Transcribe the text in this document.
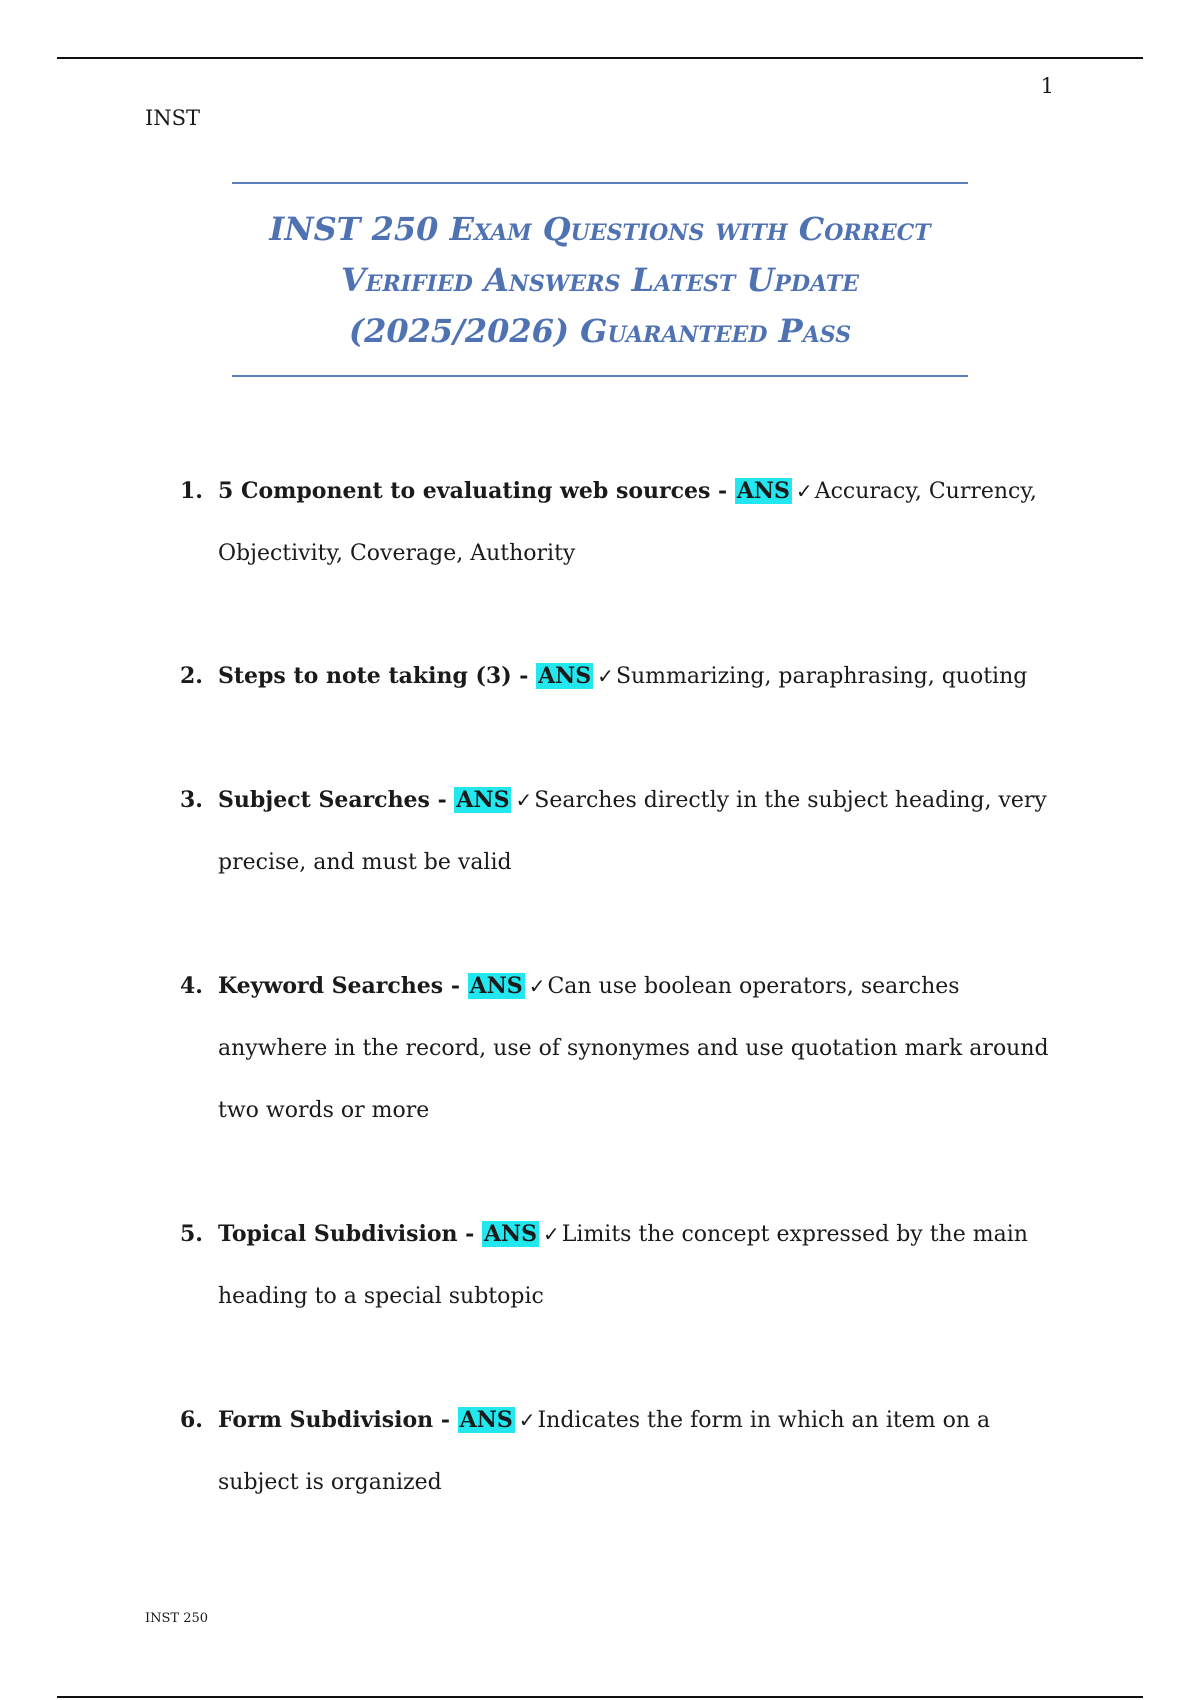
1
INST
INST 250 Exam Questions with Correct
Verified Answers Latest Update
(2025/2026) Guaranteed Pass
1. 5 Component to evaluating web sources - ANS ✓Accuracy, Currency, Objectivity, Coverage, Authority
2. Steps to note taking (3) - ANS ✓Summarizing, paraphrasing, quoting
3. Subject Searches - ANS ✓Searches directly in the subject heading, very precise, and must be valid
4. Keyword Searches - ANS ✓Can use boolean operators, searches anywhere in the record, use of synonymes and use quotation mark around two words or more
5. Topical Subdivision - ANS ✓Limits the concept expressed by the main heading to a special subtopic
6. Form Subdivision - ANS ✓Indicates the form in which an item on a subject is organized
INST 250
